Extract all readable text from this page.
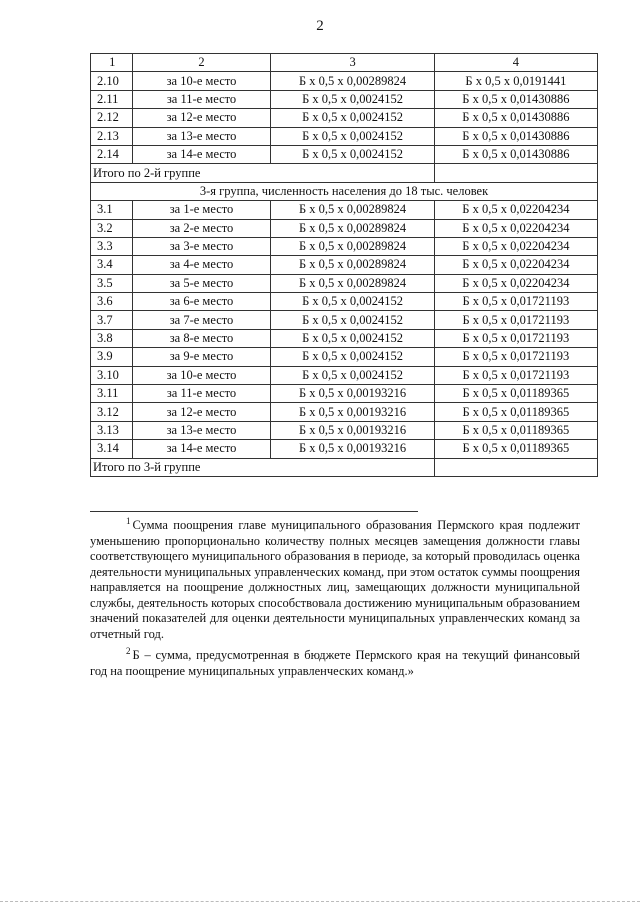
2
1	2	3	4
2.10	за 10-е место	Б х 0,5 х 0,00289824	Б х 0,5 х 0,0191441
2.11	за 11-е место	Б х 0,5 х 0,0024152	Б х 0,5 х 0,01430886
2.12	за 12-е место	Б х 0,5 х 0,0024152	Б х 0,5 х 0,01430886
2.13	за 13-е место	Б х 0,5 х 0,0024152	Б х 0,5 х 0,01430886
2.14	за 14-е место	Б х 0,5 х 0,0024152	Б х 0,5 х 0,01430886
Итого по 2-й группе			
3-я группа, численность населения до 18 тыс. человек			
3.1	за 1-е место	Б х 0,5 х 0,00289824	Б х 0,5 х 0,02204234
3.2	за 2-е место	Б х 0,5 х 0,00289824	Б х 0,5 х 0,02204234
3.3	за 3-е место	Б х 0,5 х 0,00289824	Б х 0,5 х 0,02204234
3.4	за 4-е место	Б х 0,5 х 0,00289824	Б х 0,5 х 0,02204234
3.5	за 5-е место	Б х 0,5 х 0,00289824	Б х 0,5 х 0,02204234
3.6	за 6-е место	Б х 0,5 х 0,0024152	Б х 0,5 х 0,01721193
3.7	за 7-е место	Б х 0,5 х 0,0024152	Б х 0,5 х 0,01721193
3.8	за 8-е место	Б х 0,5 х 0,0024152	Б х 0,5 х 0,01721193
3.9	за 9-е место	Б х 0,5 х 0,0024152	Б х 0,5 х 0,01721193
3.10	за 10-е место	Б х 0,5 х 0,0024152	Б х 0,5 х 0,01721193
3.11	за 11-е место	Б х 0,5 х 0,00193216	Б х 0,5 х 0,01189365
3.12	за 12-е место	Б х 0,5 х 0,00193216	Б х 0,5 х 0,01189365
3.13	за 13-е место	Б х 0,5 х 0,00193216	Б х 0,5 х 0,01189365
3.14	за 14-е место	Б х 0,5 х 0,00193216	Б х 0,5 х 0,01189365
Итого по 3-й группе			

$^1$ Сумма поощрения главе муниципального образования Пермского края подлежит уменьшению пропорционально количеству полных месяцев замещения должности главы соответствующего муниципального образования в периоде, за который проводилась оценка деятельности муниципальных управленческих команд, при этом остаток суммы поощрения направляется на поощрение должностных лиц, замещающих должности муниципальной службы, деятельность которых способствовала достижению муниципальным образованием значений показателей для оценки деятельности муниципальных управленческих команд за отчетный год.

$^2$ Б – сумма, предусмотренная в бюджете Пермского края на текущий финансовый год на поощрение муниципальных управленческих команд.»
